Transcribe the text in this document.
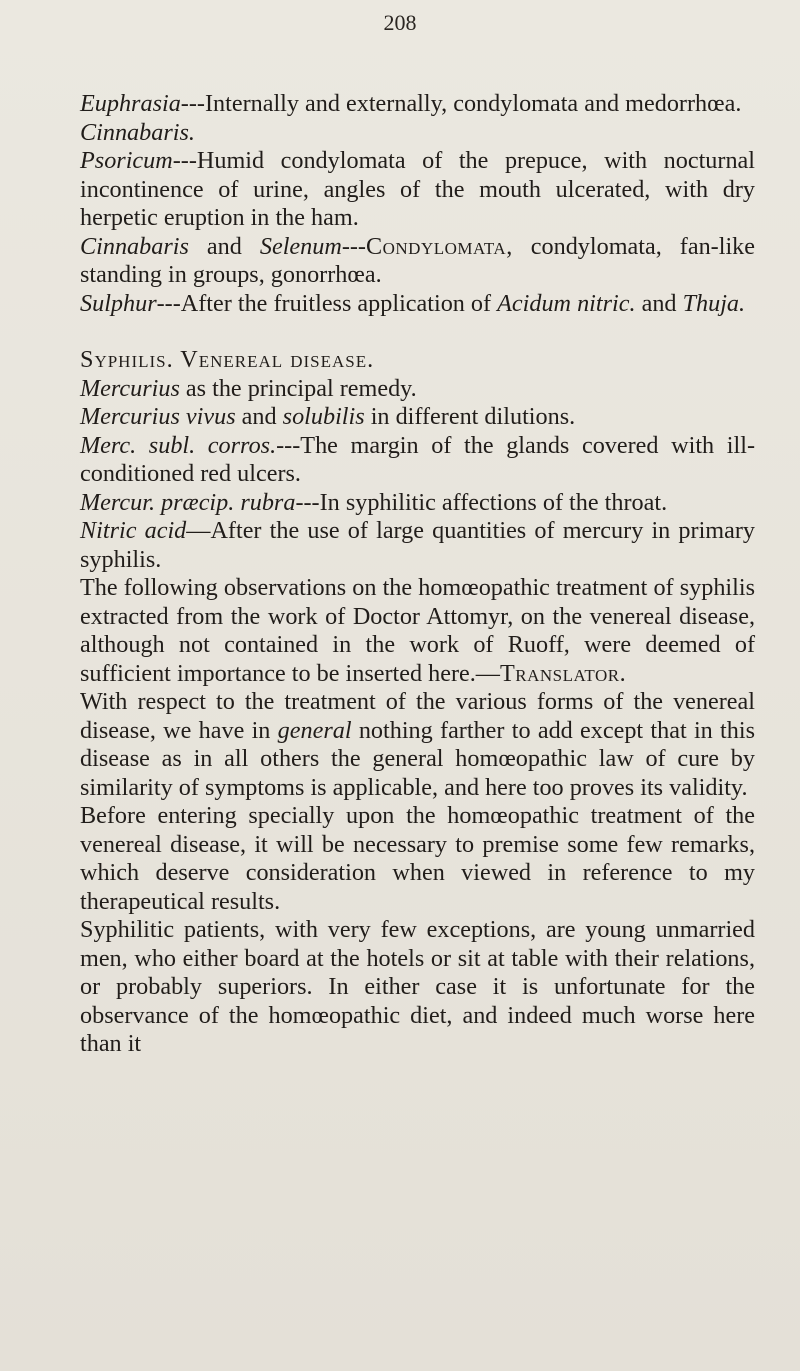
208

Euphrasia---Internally and externally, condylomata and medorrhœa.

Cinnabaris.

Psoricum---Humid condylomata of the prepuce, with nocturnal incontinence of urine, angles of the mouth ulcerated, with dry herpetic eruption in the ham.

Cinnabaris and Selenum---Condylomata, condylomata, fan-like standing in groups, gonorrhœa.

Sulphur---After the fruitless application of Acidum nitric. and Thuja.

Syphilis. Venereal disease.

Mercurius as the principal remedy.

Mercurius vivus and solubilis in different dilutions.

Merc. subl. corros.---The margin of the glands covered with ill-conditioned red ulcers.

Mercur. præcip. rubra---In syphilitic affections of the throat.

Nitric acid—After the use of large quantities of mercury in primary syphilis.

The following observations on the homœopathic treatment of syphilis extracted from the work of Doctor Attomyr, on the venereal disease, although not contained in the work of Ruoff, were deemed of sufficient importance to be inserted here.—Translator.

With respect to the treatment of the various forms of the venereal disease, we have in general nothing farther to add except that in this disease as in all others the general homœopathic law of cure by similarity of symptoms is applicable, and here too proves its validity.

Before entering specially upon the homœopathic treatment of the venereal disease, it will be necessary to premise some few remarks, which deserve consideration when viewed in reference to my therapeutical results.

Syphilitic patients, with very few exceptions, are young unmarried men, who either board at the hotels or sit at table with their relations, or probably superiors. In either case it is unfortunate for the observance of the homœopathic diet, and indeed much worse here than it
